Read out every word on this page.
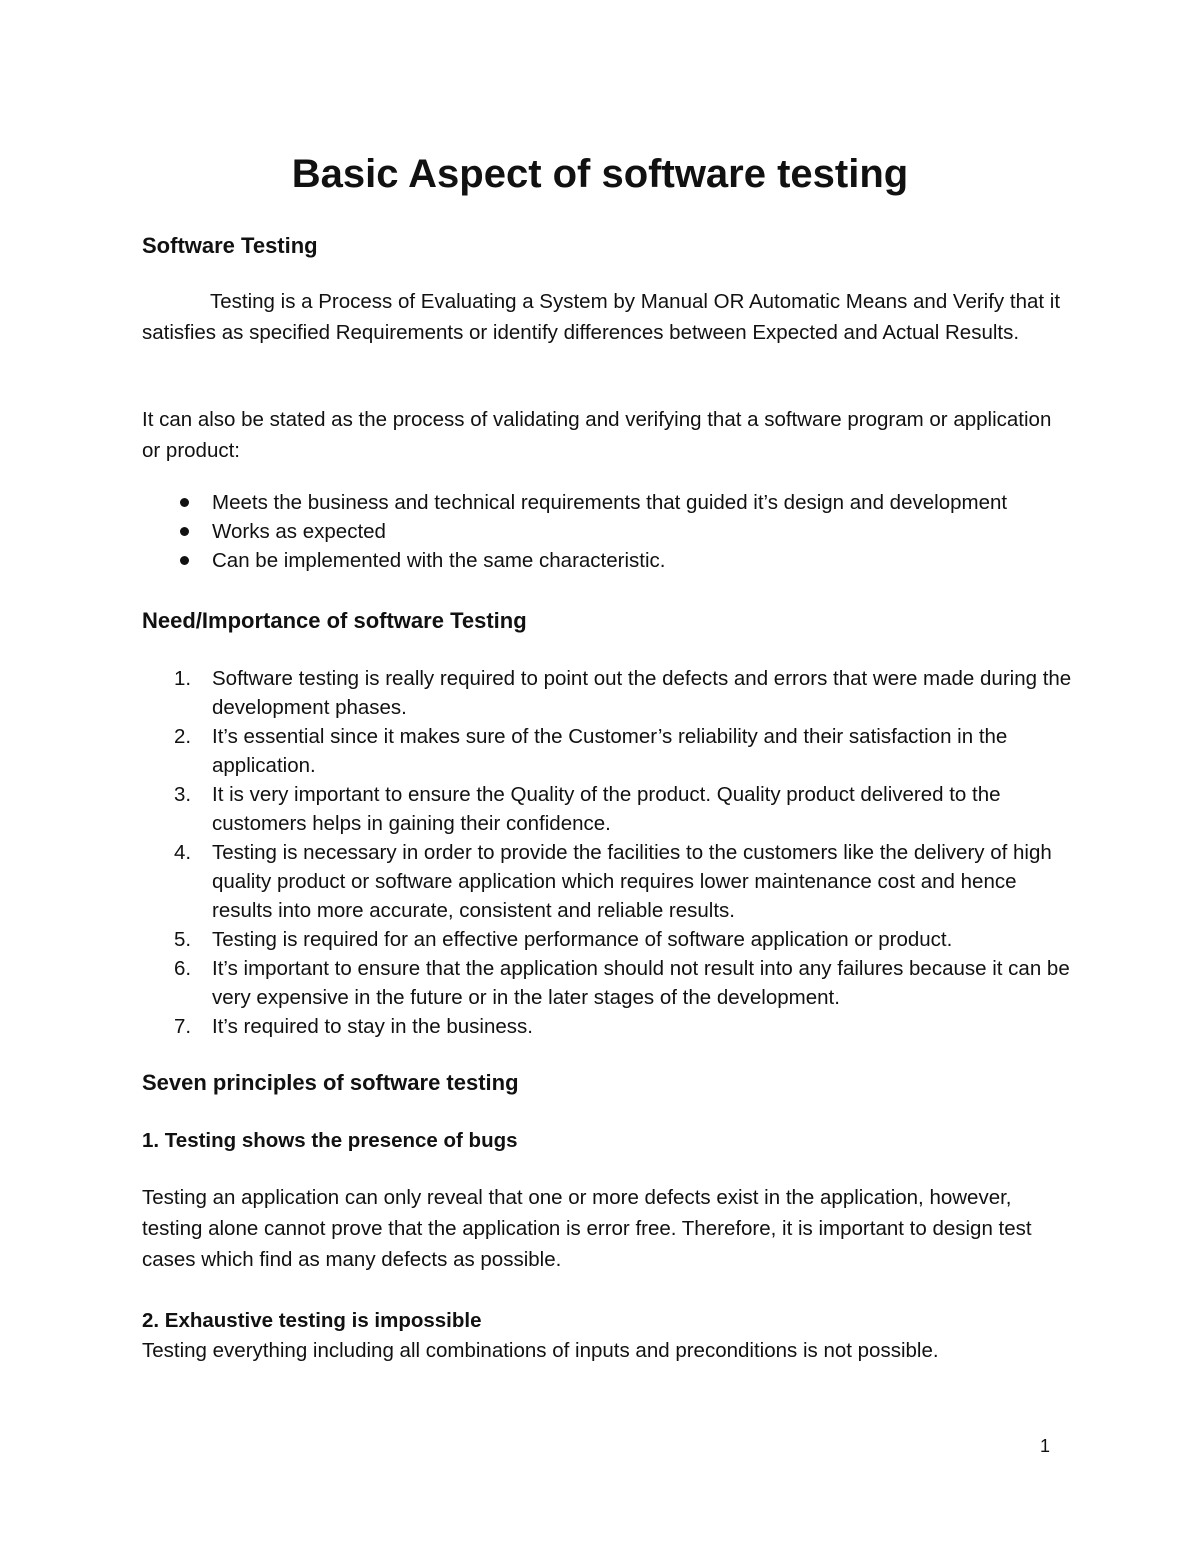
Basic Aspect of software testing
Software Testing

Testing is a Process of Evaluating a System by Manual OR Automatic Means and Verify that it satisfies as specified Requirements or identify differences between Expected and Actual Results.

It can also be stated as the process of validating and verifying that a software program or application or product:

Meets the business and technical requirements that guided it’s design and development
Works as expected
Can be implemented with the same characteristic.
Need/Importance of software Testing
1. Software testing is really required to point out the defects and errors that were made during the development phases.
2. It’s essential since it makes sure of the Customer’s reliability and their satisfaction in the application.
3. It is very important to ensure the Quality of the product. Quality product delivered to the customers helps in gaining their confidence.
4. Testing is necessary in order to provide the facilities to the customers like the delivery of high quality product or software application which requires lower maintenance cost and hence results into more accurate, consistent and reliable results.
5. Testing is required for an effective performance of software application or product.
6. It’s important to ensure that the application should not result into any failures because it can be very expensive in the future or in the later stages of the development.
7. It’s required to stay in the business.
Seven principles of software testing
1. Testing shows the presence of bugs

Testing an application can only reveal that one or more defects exist in the application, however, testing alone cannot prove that the application is error free. Therefore, it is important to design test cases which find as many defects as possible.

2. Exhaustive testing is impossible

Testing everything including all combinations of inputs and preconditions is not possible.

1
